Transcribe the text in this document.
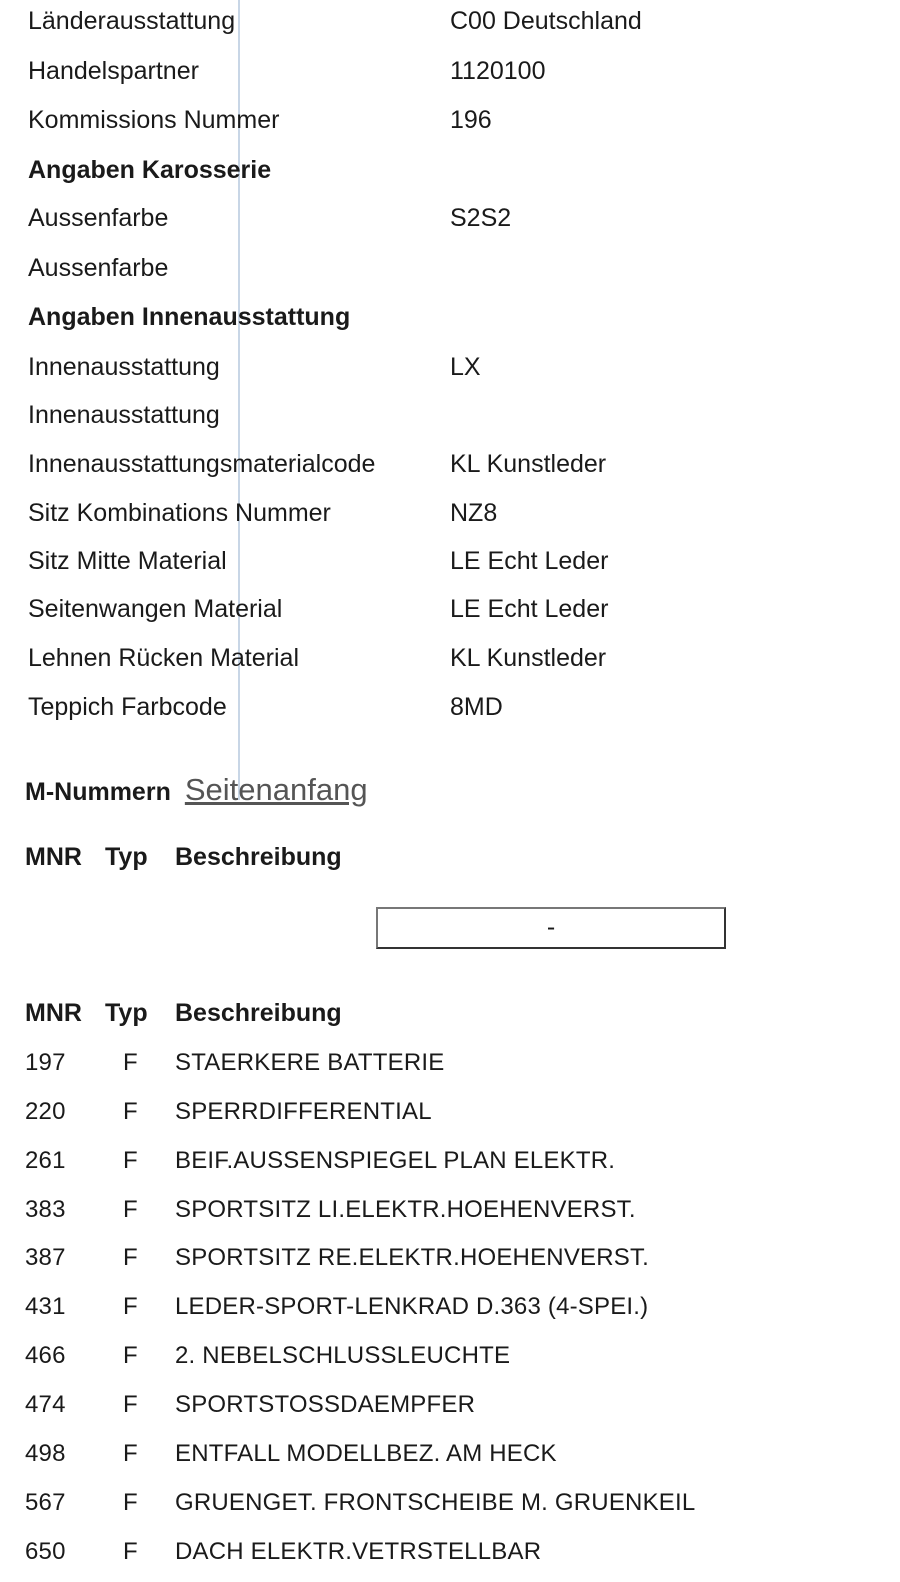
Länderausstattung	C00 Deutschland
Handelspartner	1120100
Kommissions Nummer	196
Angaben Karosserie
Aussenfarbe	S2S2
Aussenfarbe
Angaben Innenausstattung
Innenausstattung	LX
Innenausstattung
Innenausstattungsmaterialcode	KL Kunstleder
Sitz Kombinations Nummer	NZ8
Sitz Mitte Material	LE Echt Leder
Seitenwangen Material	LE Echt Leder
Lehnen Rücken Material	KL Kunstleder
Teppich Farbcode	8MD
M-Nummern Seitenanfang
MNR Typ Beschreibung
-
MNR Typ Beschreibung
197 F STAERKERE BATTERIE
220 F SPERRDIFFERENTIAL
261 F BEIF.AUSSENSPIEGEL PLAN ELEKTR.
383 F SPORTSITZ LI.ELEKTR.HOEHENVERST.
387 F SPORTSITZ RE.ELEKTR.HOEHENVERST.
431 F LEDER-SPORT-LENKRAD D.363 (4-SPEI.)
466 F 2. NEBELSCHLUSSLEUCHTE
474 F SPORTSTOSSDAEMPFER
498 F ENTFALL MODELLBEZ. AM HECK
567 F GRUENGET. FRONTSCHEIBE M. GRUENKEIL
650 F DACH ELEKTR.VETRSTELLBAR
